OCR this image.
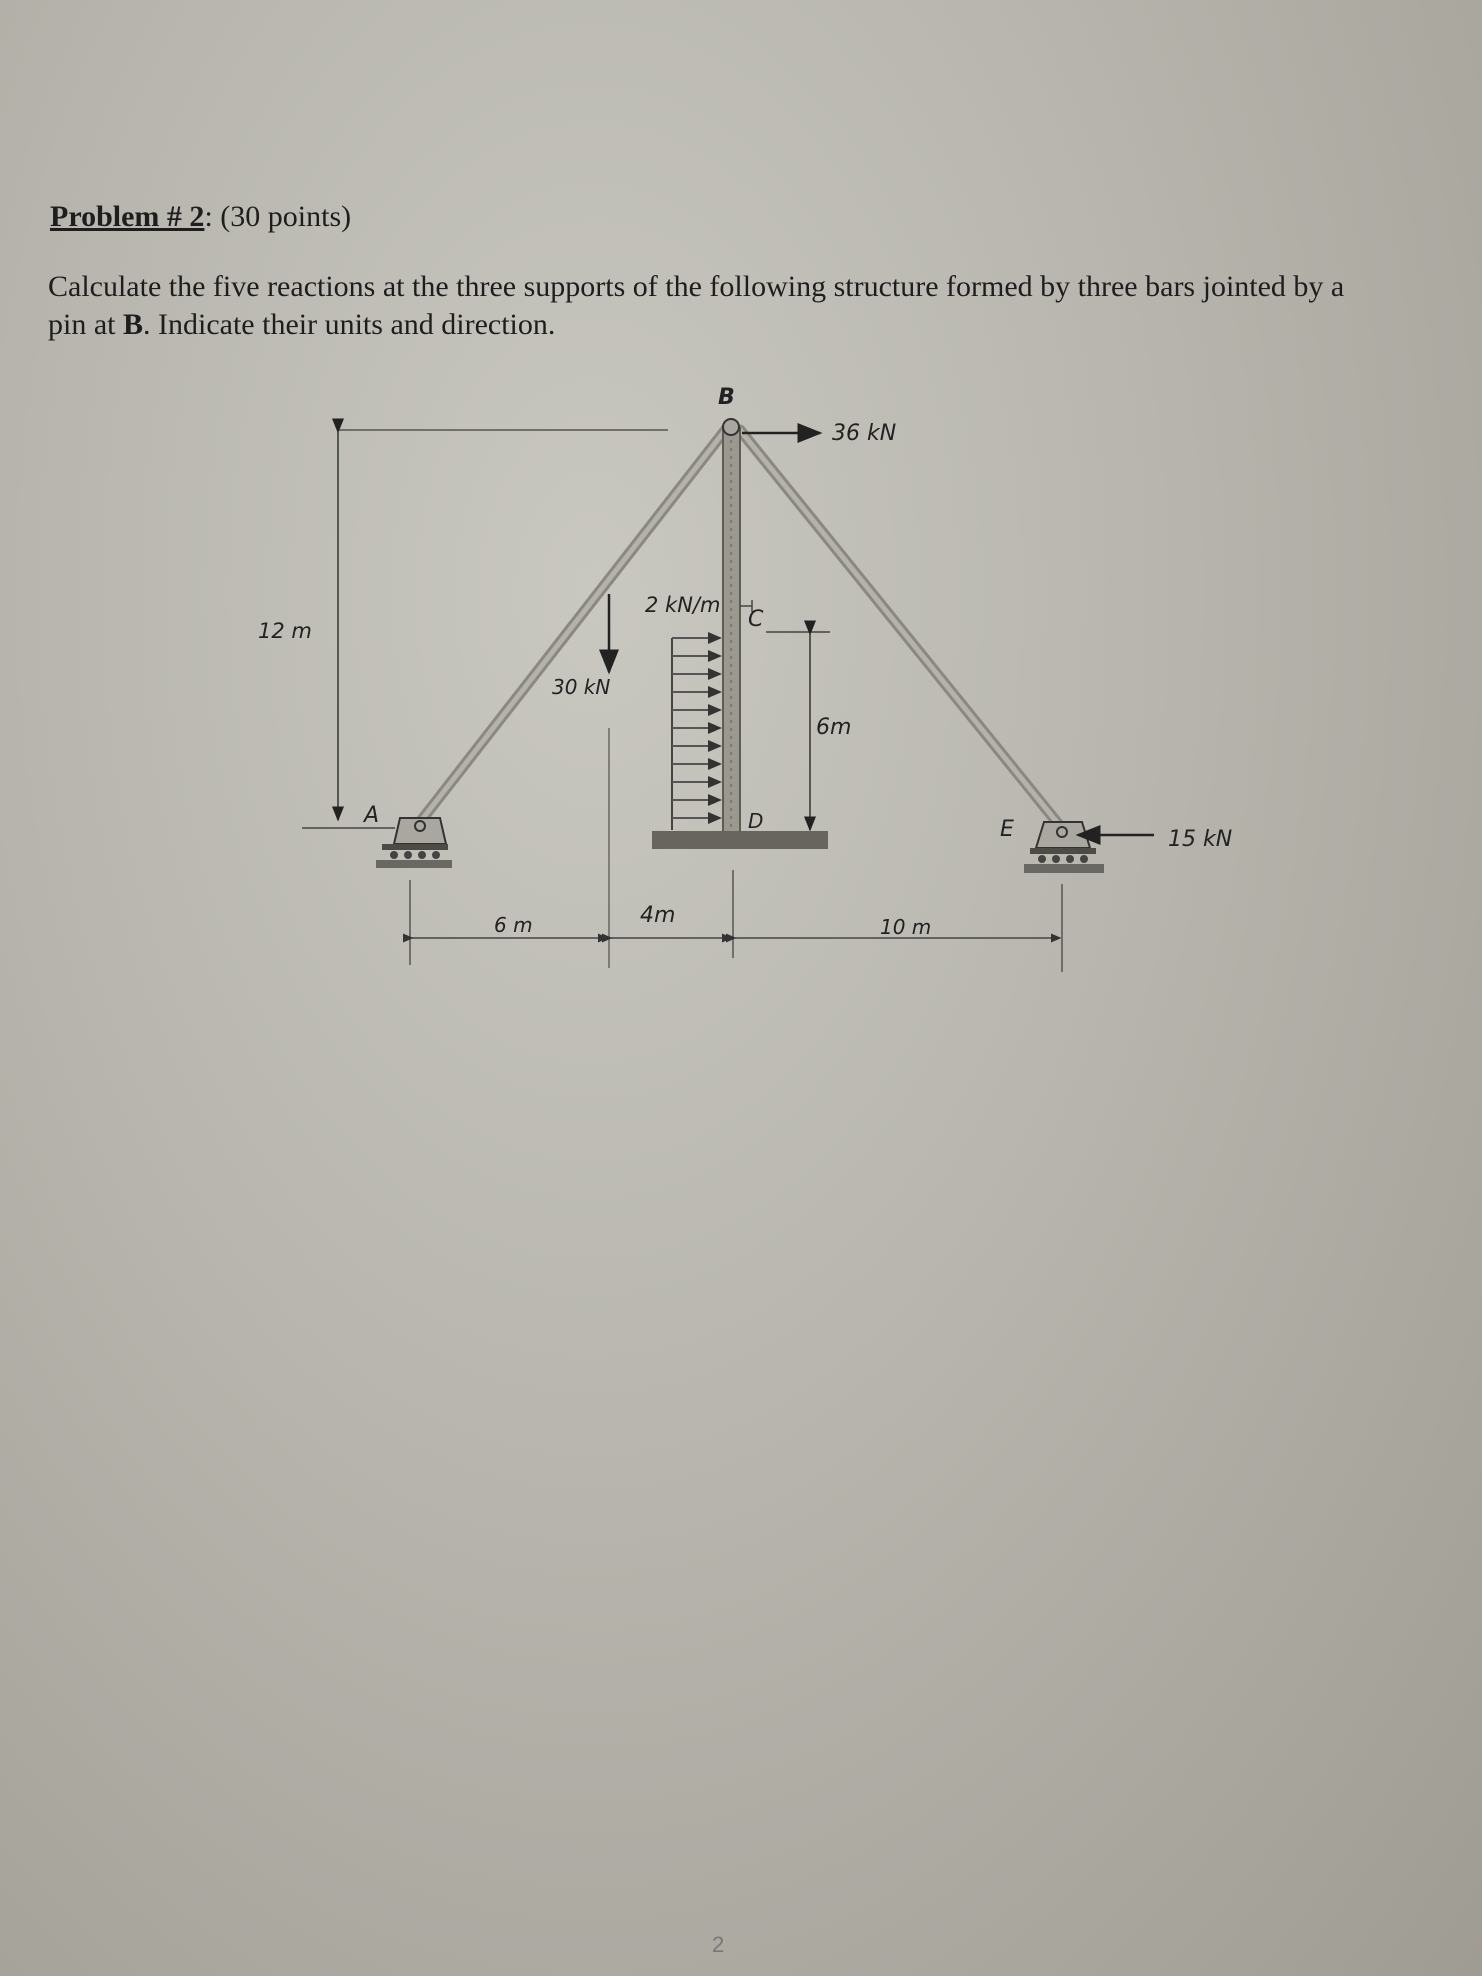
Problem # 2: (30 points)

Calculate the five reactions at the three supports of the following structure formed by three bars jointed by a pin at B. Indicate their units and direction.

12 m
2 kN/m
B
36 kN
30 kN
C
6m
D
A
E	15 kN
6 m	4m	10 m
2
